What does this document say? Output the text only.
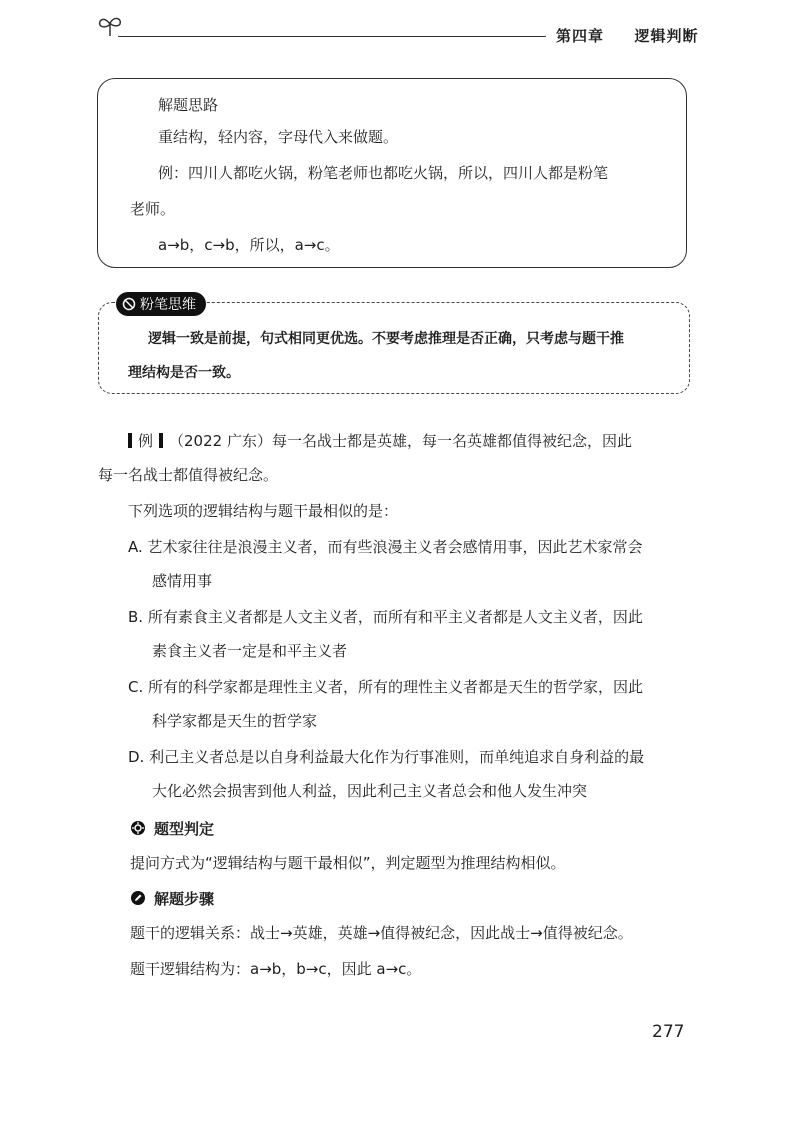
第四章 逻辑判断
解题思路
重结构，轻内容，字母代入来做题。
例：四川人都吃火锅，粉笔老师也都吃火锅，所以，四川人都是粉笔
老师。
a→b，c→b，所以，a→c。
粉笔思维
逻辑一致是前提，句式相同更优选。不要考虑推理是否正确，只考虑与题干推
理结构是否一致。
例 （2022 广东）每一名战士都是英雄，每一名英雄都值得被纪念，因此
每一名战士都值得被纪念。
下列选项的逻辑结构与题干最相似的是：
A. 艺术家往往是浪漫主义者，而有些浪漫主义者会感情用事，因此艺术家常会
感情用事
B. 所有素食主义者都是人文主义者，而所有和平主义者都是人文主义者，因此
素食主义者一定是和平主义者
C. 所有的科学家都是理性主义者，所有的理性主义者都是天生的哲学家，因此
科学家都是天生的哲学家
D. 利己主义者总是以自身利益最大化作为行事准则，而单纯追求自身利益的最
大化必然会损害到他人利益，因此利己主义者总会和他人发生冲突
题型判定
提问方式为“逻辑结构与题干最相似”，判定题型为推理结构相似。
解题步骤
题干的逻辑关系：战士→英雄，英雄→值得被纪念，因此战士→值得被纪念。
题干逻辑结构为：a→b，b→c，因此 a→c。
277
